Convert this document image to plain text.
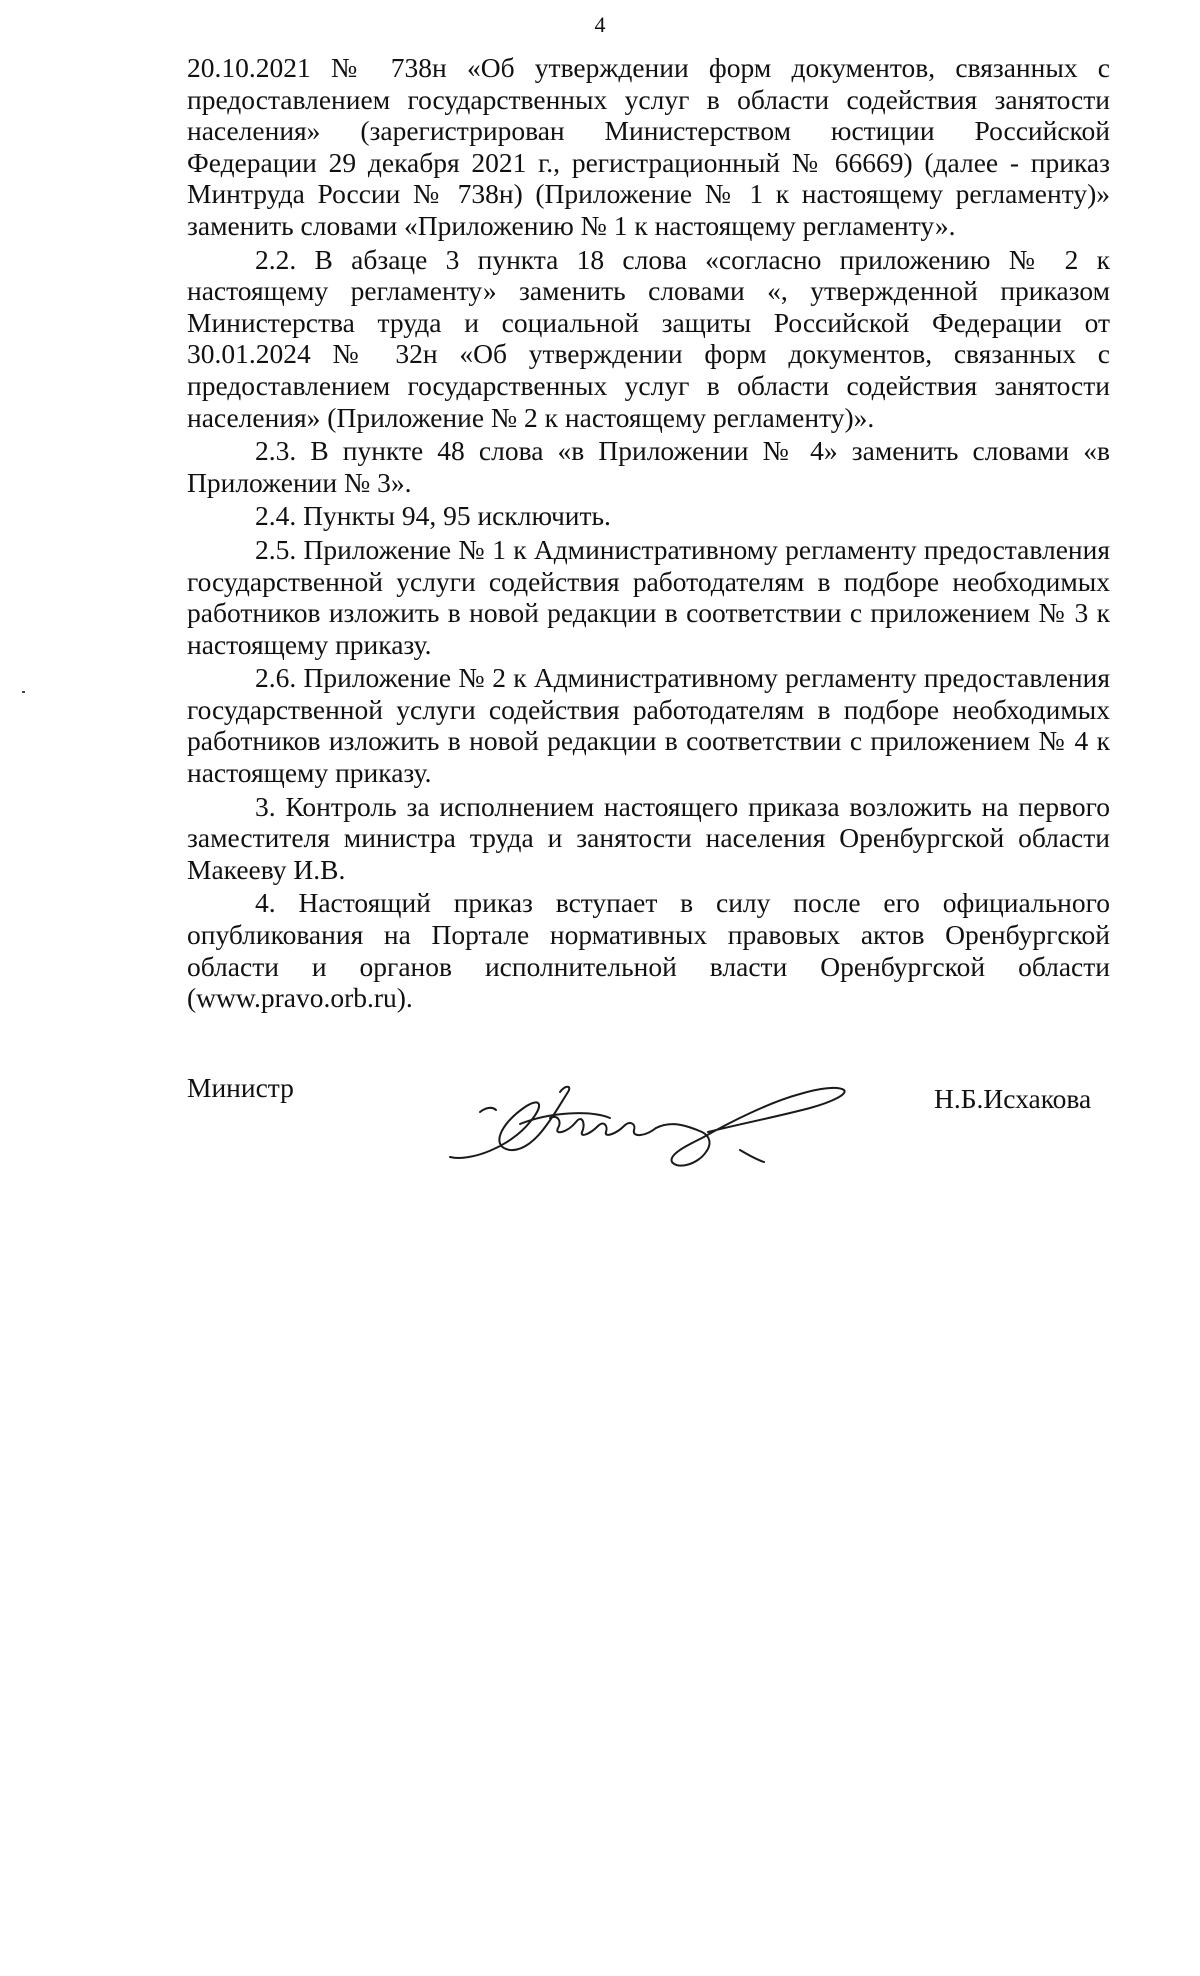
4

20.10.2021 № 738н «Об утверждении форм документов, связанных с предоставлением государственных услуг в области содействия занятости населения» (зарегистрирован Министерством юстиции Российской Федерации 29 декабря 2021 г., регистрационный № 66669) (далее - приказ Минтруда России № 738н) (Приложение № 1 к настоящему регламенту)» заменить словами «Приложению № 1 к настоящему регламенту».

2.2. В абзаце 3 пункта 18 слова «согласно приложению № 2 к настоящему регламенту» заменить словами «, утвержденной приказом Министерства труда и социальной защиты Российской Федерации от 30.01.2024 № 32н «Об утверждении форм документов, связанных с предоставлением государственных услуг в области содействия занятости населения» (Приложение № 2 к настоящему регламенту)».

2.3. В пункте 48 слова «в Приложении № 4» заменить словами «в Приложении № 3».

2.4. Пункты 94, 95 исключить.

2.5. Приложение № 1 к Административному регламенту предоставления государственной услуги содействия работодателям в подборе необходимых работников изложить в новой редакции в соответствии с приложением № 3 к настоящему приказу.

2.6. Приложение № 2 к Административному регламенту предоставления государственной услуги содействия работодателям в подборе необходимых работников изложить в новой редакции в соответствии с приложением № 4 к настоящему приказу.

3. Контроль за исполнением настоящего приказа возложить на первого заместителя министра труда и занятости населения Оренбургской области Макееву И.В.

4. Настоящий приказ вступает в силу после его официального опубликования на Портале нормативных правовых актов Оренбургской области и органов исполнительной власти Оренбургской области (www.pravo.orb.ru).

Министр	Н.Б.Исхакова
